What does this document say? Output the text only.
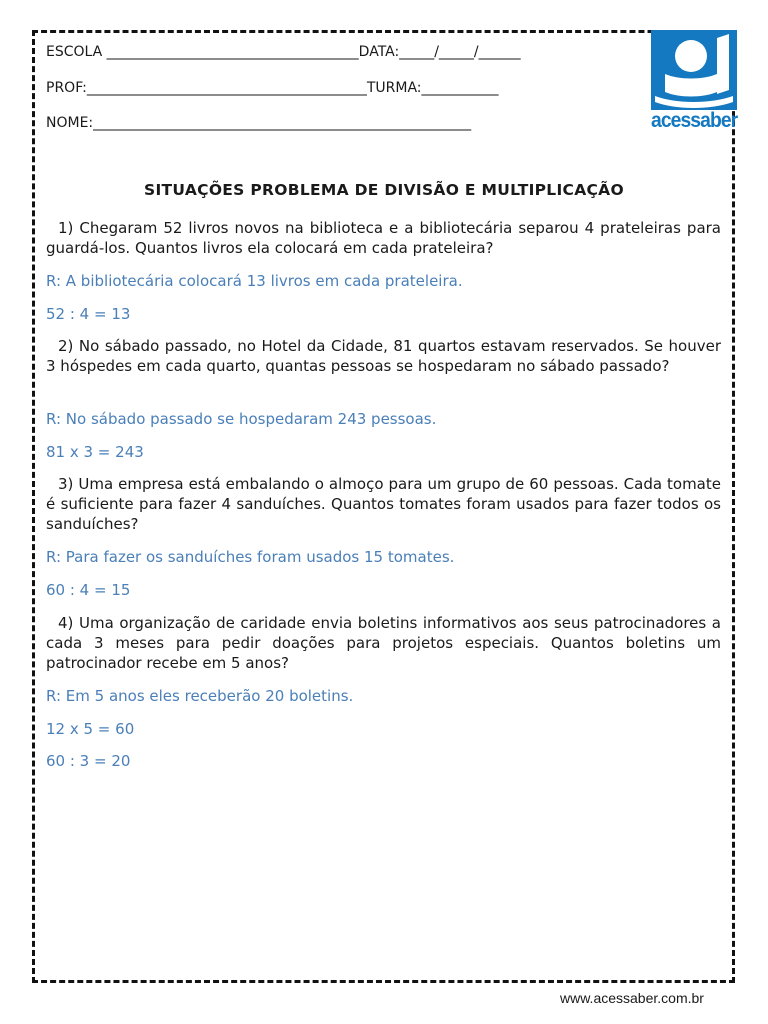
ESCOLA ____________________________________DATA:_____/_____/______
PROF:________________________________________TURMA:___________
NOME:______________________________________________________	acessaber
SITUAÇÕES PROBLEMA DE DIVISÃO E MULTIPLICAÇÃO
1) Chegaram 52 livros novos na biblioteca e a bibliotecária separou 4 prateleiras para guardá-los. Quantos livros ela colocará em cada prateleira?
R: A bibliotecária colocará 13 livros em cada prateleira.
52 : 4 = 13
2) No sábado passado, no Hotel da Cidade, 81 quartos estavam reservados. Se houver 3 hóspedes em cada quarto, quantas pessoas se hospedaram no sábado passado?
R: No sábado passado se hospedaram 243 pessoas.
81 x 3 = 243
3) Uma empresa está embalando o almoço para um grupo de 60 pessoas. Cada tomate é suficiente para fazer 4 sanduíches. Quantos tomates foram usados para fazer todos os sanduíches?
R: Para fazer os sanduíches foram usados 15 tomates.
60 : 4 = 15
4) Uma organização de caridade envia boletins informativos aos seus patrocinadores a cada 3 meses para pedir doações para projetos especiais. Quantos boletins um patrocinador recebe em 5 anos?
R: Em 5 anos eles receberão 20 boletins.
12 x 5 = 60
60 : 3 = 20
www.acessaber.com.br
